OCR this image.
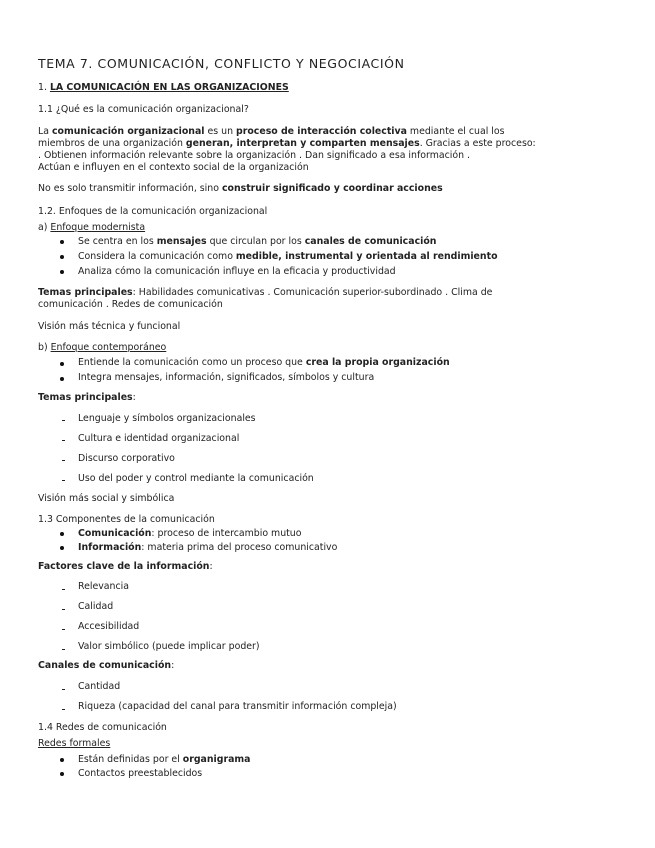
TEMA 7. COMUNICACIÓN, CONFLICTO Y NEGOCIACIÓN
1. LA COMUNICACIÓN EN LAS ORGANIZACIONES
1.1 ¿Qué es la comunicación organizacional?
La comunicación organizacional es un proceso de interacción colectiva mediante el cual los
miembros de una organización generan, interpretan y comparten mensajes. Gracias a este proceso:
. Obtienen información relevante sobre la organización . Dan significado a esa información .
Actúan e influyen en el contexto social de la organización
No es solo transmitir información, sino construir significado y coordinar acciones
1.2. Enfoques de la comunicación organizacional
a) Enfoque modernista
Se centra en los mensajes que circulan por los canales de comunicación
Considera la comunicación como medible, instrumental y orientada al rendimiento
Analiza cómo la comunicación influye en la eficacia y productividad
Temas principales: Habilidades comunicativas . Comunicación superior-subordinado . Clima de
comunicación . Redes de comunicación
Visión más técnica y funcional
b) Enfoque contemporáneo
Entiende la comunicación como un proceso que crea la propia organización
Integra mensajes, información, significados, símbolos y cultura
Temas principales:
Lenguaje y símbolos organizacionales
Cultura e identidad organizacional
Discurso corporativo
Uso del poder y control mediante la comunicación
Visión más social y simbólica
1.3 Componentes de la comunicación
Comunicación: proceso de intercambio mutuo
Información: materia prima del proceso comunicativo
Factores clave de la información:
Relevancia
Calidad
Accesibilidad
Valor simbólico (puede implicar poder)
Canales de comunicación:
Cantidad
Riqueza (capacidad del canal para transmitir información compleja)
1.4 Redes de comunicación
Redes formales
Están definidas por el organigrama
Contactos preestablecidos
